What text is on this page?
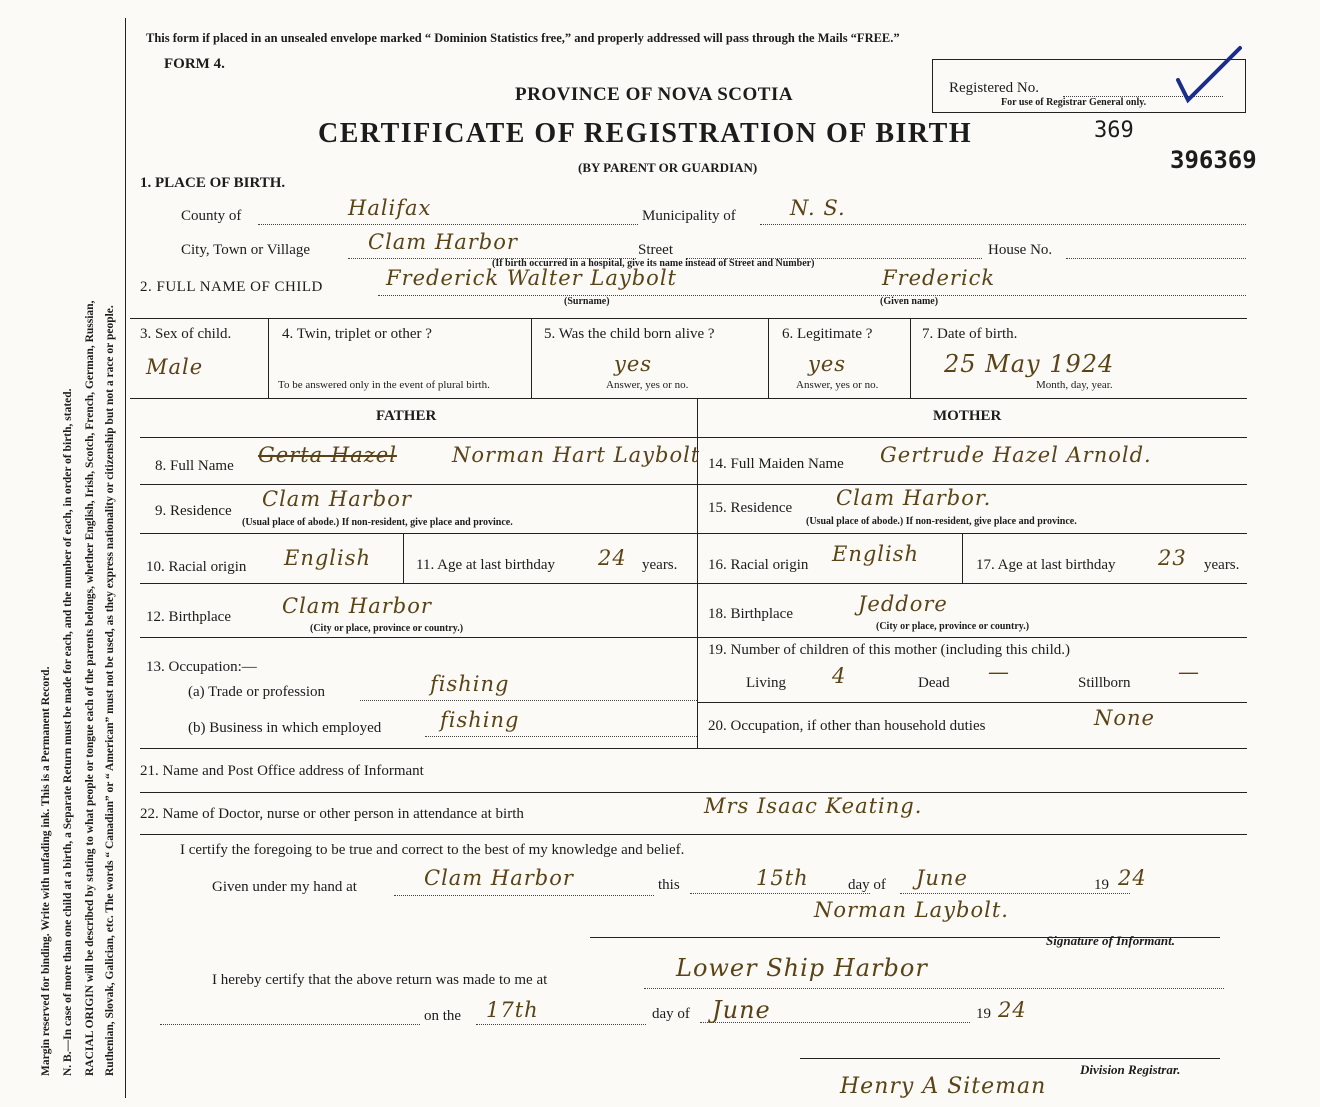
Margin reserved for binding. Write with unfading ink. This is a Permanent Record. N. B.—In case of more than one child at a birth, a Separate Return must be made for each, and the number of each, in order of birth, stated. RACIAL ORIGIN will be described by stating to what people or tongue each of the parents belongs, whether English, Irish, Scotch, French, German, Russian, Ruthenian, Slovak, Galician, etc. The words “ Canadian” or “ American” must not be used, as they express nationality or citizenship but not a race or people.
This form if placed in an unsealed envelope marked “ Dominion Statistics free,” and properly addressed will pass through the Mails “FREE.”
FORM 4.
Registered No.
For use of Registrar General only.
PROVINCE OF NOVA SCOTIA
CERTIFICATE OF REGISTRATION OF BIRTH	369
(BY PARENT OR GUARDIAN)	396369
1. PLACE OF BIRTH.
County of	Halifax	Municipality of	N. S.
City, Town or Village	Clam Harbor	Street	House No.
(If birth occurred in a hospital, give its name instead of Street and Number)
2. FULL NAME OF CHILD	Frederick Walter Laybolt	Frederick
(Surname)	(Given name)
3. Sex of child.
Male
4. Twin, triplet or other ?
To be answered only in the event of plural birth.
5. Was the child born alive ?
yes
Answer, yes or no.
6. Legitimate ?
yes
Answer, yes or no.
7. Date of birth.
25 May 1924
Month, day, year.
FATHER	MOTHER
8. Full Name Gerta Hazel	Norman Hart Laybolt
9. Residence Clam Harbor
(Usual place of abode.) If non-resident, give place and province.
10. Racial origin English	11. Age at last birthday 24 years.
12. Birthplace Clam Harbor
(City or place, province or country.)
13. Occupation:—
(a) Trade or profession	fishing
(b) Business in which employed	fishing
14. Full Maiden Name Gertrude Hazel Arnold.
15. Residence Clam Harbor.
(Usual place of abode.) If non-resident, give place and province.
16. Racial origin English	17. Age at last birthday 23 years.
18. Birthplace	Jeddore
(City or place, province or country.)
19. Number of children of this mother (including this child.)
Living 4	Dead —	Stillborn —
20. Occupation, if other than household duties	None
21. Name and Post Office address of Informant
22. Name of Doctor, nurse or other person in attendance at birth	Mrs Isaac Keating.
I certify the foregoing to be true and correct to the best of my knowledge and belief.
Given under my hand at	Clam Harbor	this	15th	day of June	19 24
Norman Laybolt.
Signature of Informant.
I hereby certify that the above return was made to me at	Lower Ship Harbor
on the 17th	day of June	19 24
Division Registrar.
Henry A Siteman
